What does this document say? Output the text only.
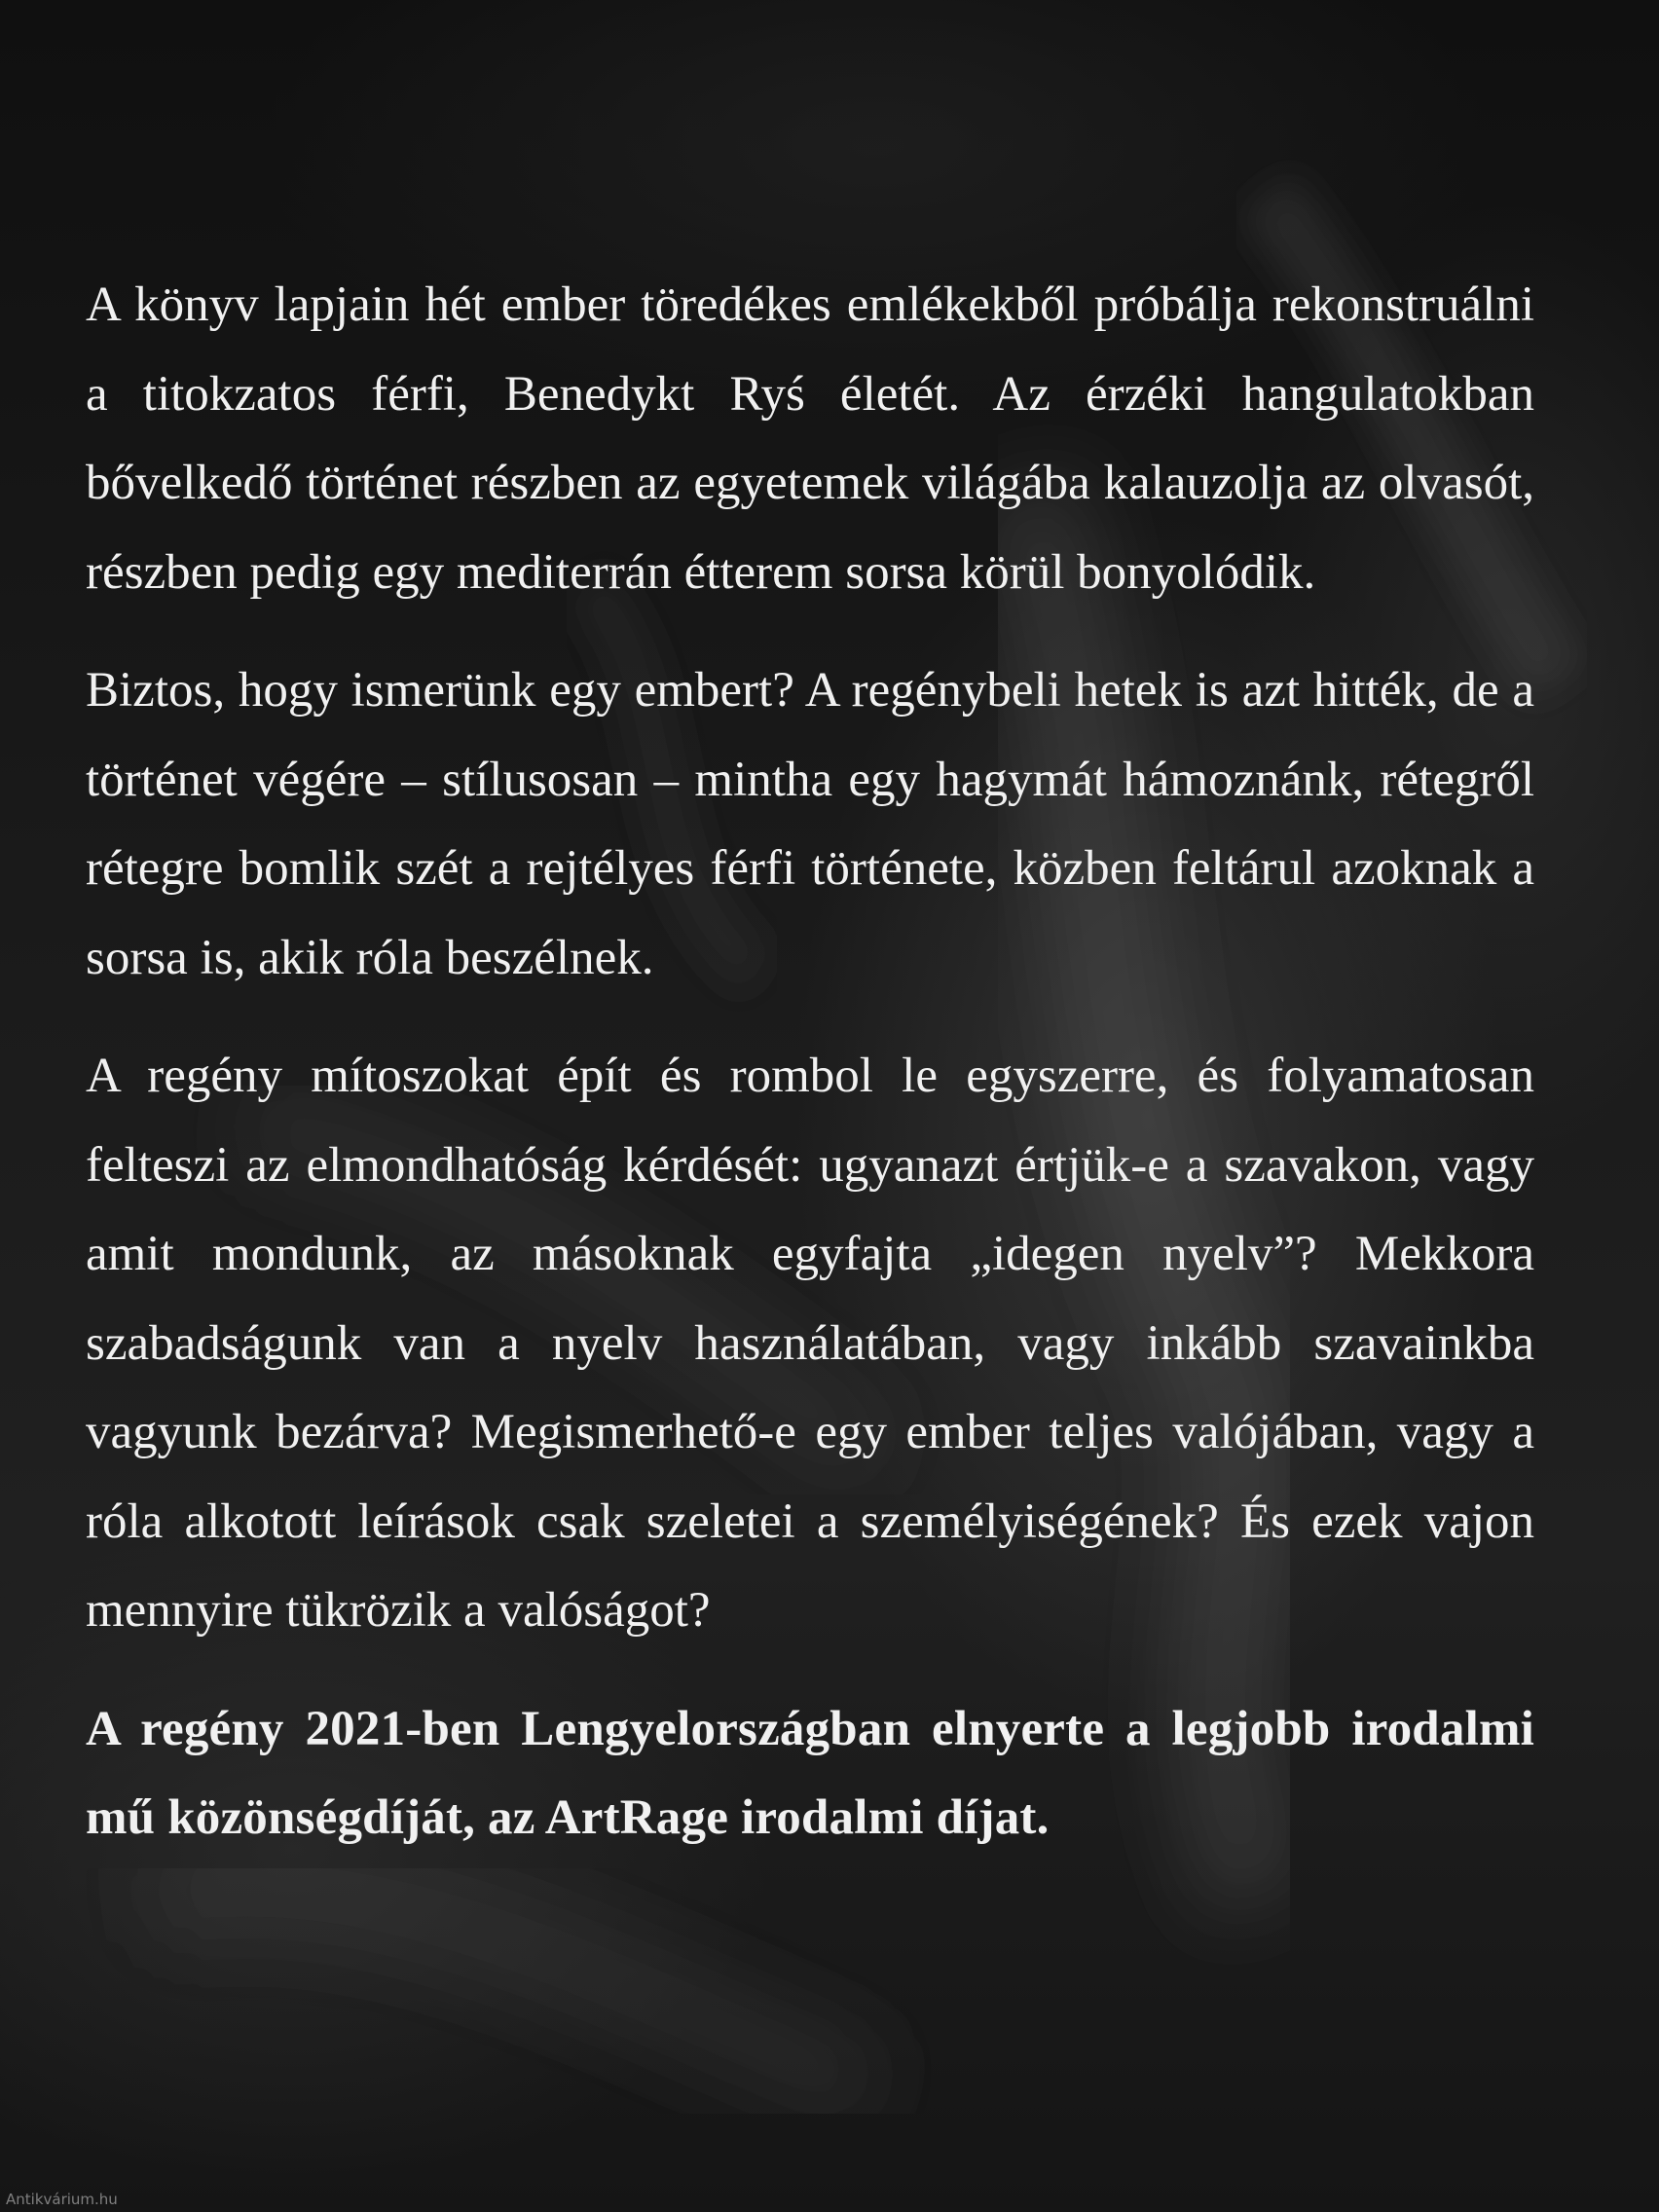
A könyv lapjain hét ember töredékes emlékekből próbálja rekonstruálni a titokzatos férfi, Benedykt Ryś életét. Az érzéki hangulatokban bővelkedő történet részben az egyetemek világába kalauzolja az olvasót, részben pedig egy mediterrán étterem sorsa körül bonyolódik.

Biztos, hogy ismerünk egy embert? A regénybeli hetek is azt hitték, de a történet végére – stílusosan – mintha egy hagymát hámoznánk, rétegről rétegre bomlik szét a rejtélyes férfi története, közben feltárul azoknak a sorsa is, akik róla beszélnek.

A regény mítoszokat épít és rombol le egyszerre, és folyamatosan felteszi az elmondhatóság kérdését: ugyanazt értjük-e a szavakon, vagy amit mondunk, az másoknak egyfajta „idegen nyelv”? Mekkora szabadságunk van a nyelv használatában, vagy inkább szavainkba vagyunk bezárva? Megismerhető-e egy ember teljes valójában, vagy a róla alkotott leírások csak szeletei a személyiségének? És ezek vajon mennyire tükrözik a valóságot?

A regény 2021-ben Lengyelországban elnyerte a legjobb irodalmi mű közönségdíját, az ArtRage irodalmi díjat.

Antikvárium.hu
